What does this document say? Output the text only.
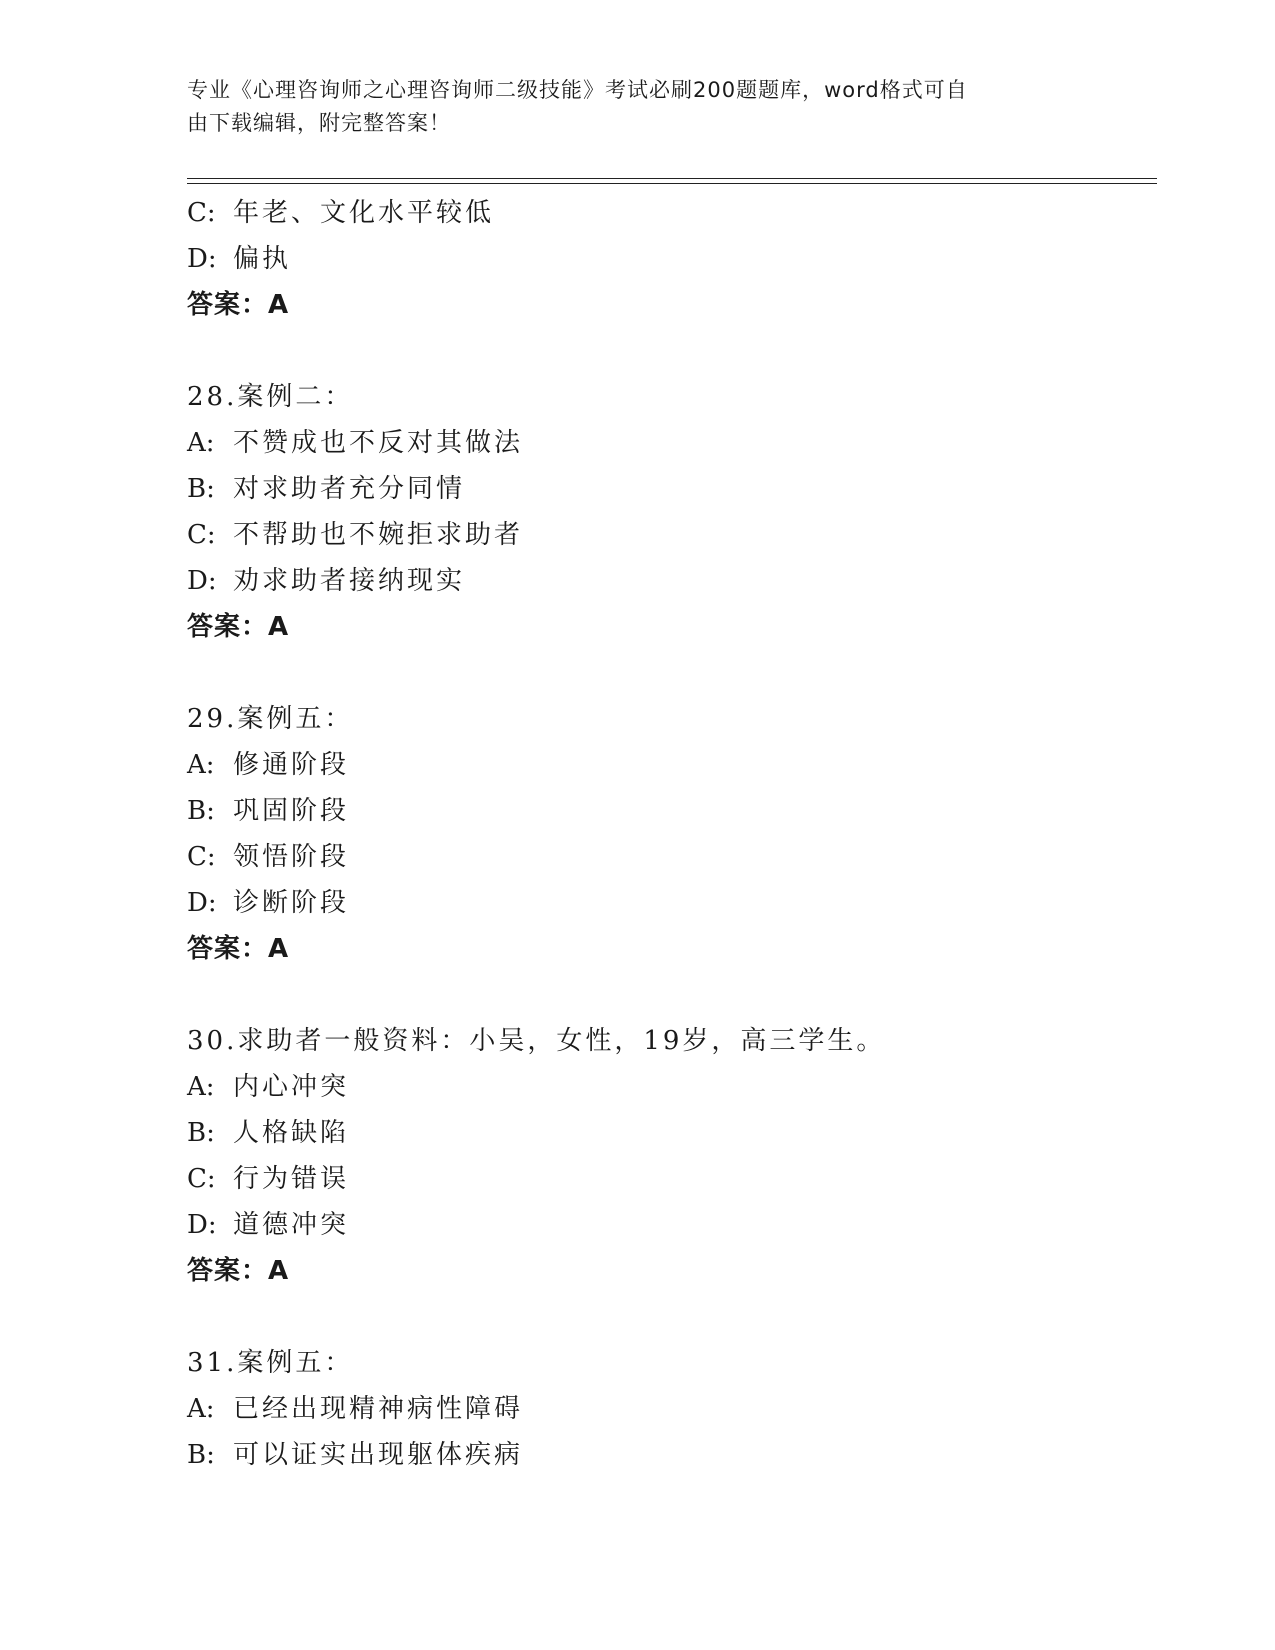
专业《心理咨询师之心理咨询师二级技能》考试必刷200题题库，word格式可自
由下载编辑，附完整答案！
C: 年老、文化水平较低
D: 偏执
答案：A
28.案例二：
A: 不赞成也不反对其做法
B: 对求助者充分同情
C: 不帮助也不婉拒求助者
D: 劝求助者接纳现实
答案：A
29.案例五：
A: 修通阶段
B: 巩固阶段
C: 领悟阶段
D: 诊断阶段
答案：A
30.求助者一般资料：小吴，女性，19岁，高三学生。
A: 内心冲突
B: 人格缺陷
C: 行为错误
D: 道德冲突
答案：A
31.案例五：
A: 已经出现精神病性障碍
B: 可以证实出现躯体疾病
